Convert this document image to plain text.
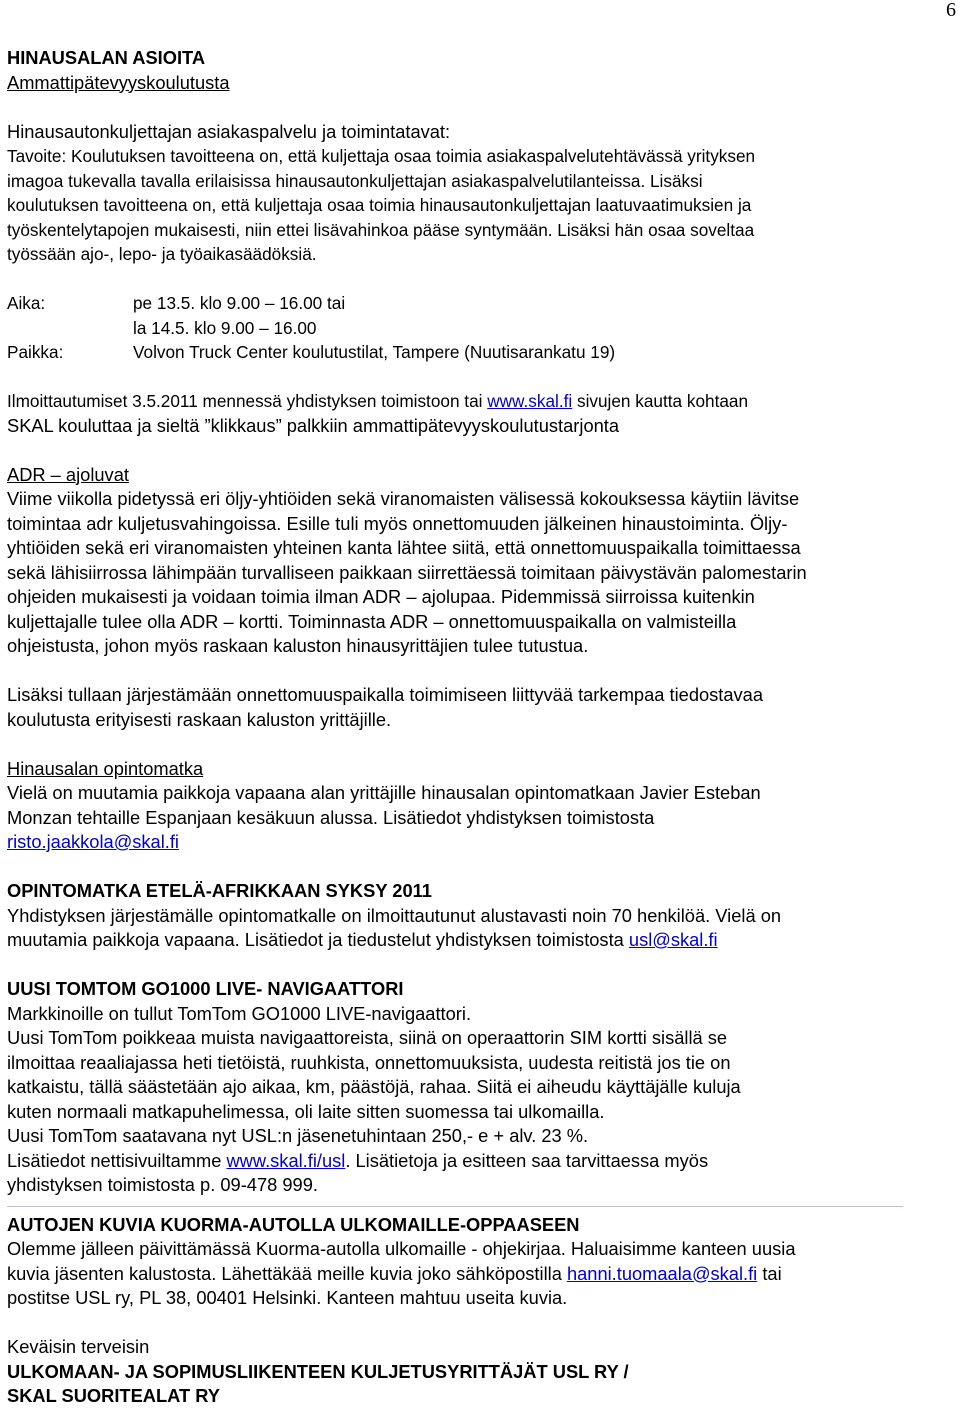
6

HINAUSALAN ASIOITA

Ammattipätevyyskoulutusta

Hinausautonkuljettajan asiakaspalvelu ja toimintatavat:

Tavoite: Koulutuksen tavoitteena on, että kuljettaja osaa toimia asiakaspalvelutehtävässä yrityksen

imagoa tukevalla tavalla erilaisissa hinausautonkuljettajan asiakaspalvelutilanteissa. Lisäksi

koulutuksen tavoitteena on, että kuljettaja osaa toimia hinausautonkuljettajan laatuvaatimuksien ja

työskentelytapojen mukaisesti, niin ettei lisävahinkoa pääse syntymään. Lisäksi hän osaa soveltaa

työssään ajo-, lepo- ja työaikasäädöksiä.

Aika:	pe 13.5. klo 9.00 – 16.00 tai
la 14.5. klo 9.00 – 16.00
Paikka:	Volvon Truck Center koulutustilat, Tampere (Nuutisarankatu 19)

Ilmoittautumiset 3.5.2011 mennessä yhdistyksen toimistoon tai www.skal.fi sivujen kautta kohtaan

SKAL kouluttaa ja sieltä ”klikkaus” palkkiin ammattipätevyyskoulutustarjonta

ADR – ajoluvat

Viime viikolla pidetyssä eri öljy-yhtiöiden sekä viranomaisten välisessä kokouksessa käytiin lävitse

toimintaa adr kuljetusvahingoissa. Esille tuli myös onnettomuuden jälkeinen hinaustoiminta. Öljy-

yhtiöiden sekä eri viranomaisten yhteinen kanta lähtee siitä, että onnettomuuspaikalla toimittaessa

sekä lähisiirrossa lähimpään turvalliseen paikkaan siirrettäessä toimitaan päivystävän palomestarin

ohjeiden mukaisesti ja voidaan toimia ilman ADR – ajolupaa. Pidemmissä siirroissa kuitenkin

kuljettajalle tulee olla ADR – kortti. Toiminnasta ADR – onnettomuuspaikalla on valmisteilla

ohjeistusta, johon myös raskaan kaluston hinausyrittäjien tulee tutustua.

Lisäksi tullaan järjestämään onnettomuuspaikalla toimimiseen liittyvää tarkempaa tiedostavaa

koulutusta erityisesti raskaan kaluston yrittäjille.

Hinausalan opintomatka

Vielä on muutamia paikkoja vapaana alan yrittäjille hinausalan opintomatkaan Javier Esteban

Monzan tehtaille Espanjaan kesäkuun alussa. Lisätiedot yhdistyksen toimistosta

risto.jaakkola@skal.fi

OPINTOMATKA ETELÄ-AFRIKKAAN SYKSY 2011

Yhdistyksen järjestämälle opintomatkalle on ilmoittautunut alustavasti noin 70 henkilöä. Vielä on

muutamia paikkoja vapaana. Lisätiedot ja tiedustelut yhdistyksen toimistosta usl@skal.fi

UUSI TOMTOM GO1000 LIVE- NAVIGAATTORI

Markkinoille on tullut TomTom GO1000 LIVE-navigaattori.

Uusi TomTom poikkeaa muista navigaattoreista, siinä on operaattorin SIM kortti sisällä se

ilmoittaa reaaliajassa heti tietöistä, ruuhkista, onnettomuuksista, uudesta reitistä jos tie on

katkaistu, tällä säästetään ajo aikaa, km, päästöjä, rahaa. Siitä ei aiheudu käyttäjälle kuluja

kuten normaali matkapuhelimessa, oli laite sitten suomessa tai ulkomailla.

Uusi TomTom saatavana nyt USL:n jäsenetuhintaan 250,- e + alv. 23 %.

Lisätiedot nettisivuiltamme www.skal.fi/usl. Lisätietoja ja esitteen saa tarvittaessa myös

yhdistyksen toimistosta p. 09-478 999.

AUTOJEN KUVIA KUORMA-AUTOLLA ULKOMAILLE-OPPAASEEN

Olemme jälleen päivittämässä Kuorma-autolla ulkomaille - ohjekirjaa. Haluaisimme kanteen uusia

kuvia jäsenten kalustosta. Lähettäkää meille kuvia joko sähköpostilla hanni.tuomaala@skal.fi tai

postitse USL ry, PL 38, 00401 Helsinki. Kanteen mahtuu useita kuvia.

Keväisin terveisin

ULKOMAAN- JA SOPIMUSLIIKENTEEN KULJETUSYRITTÄJÄT USL RY /

SKAL SUORITEALAT RY
